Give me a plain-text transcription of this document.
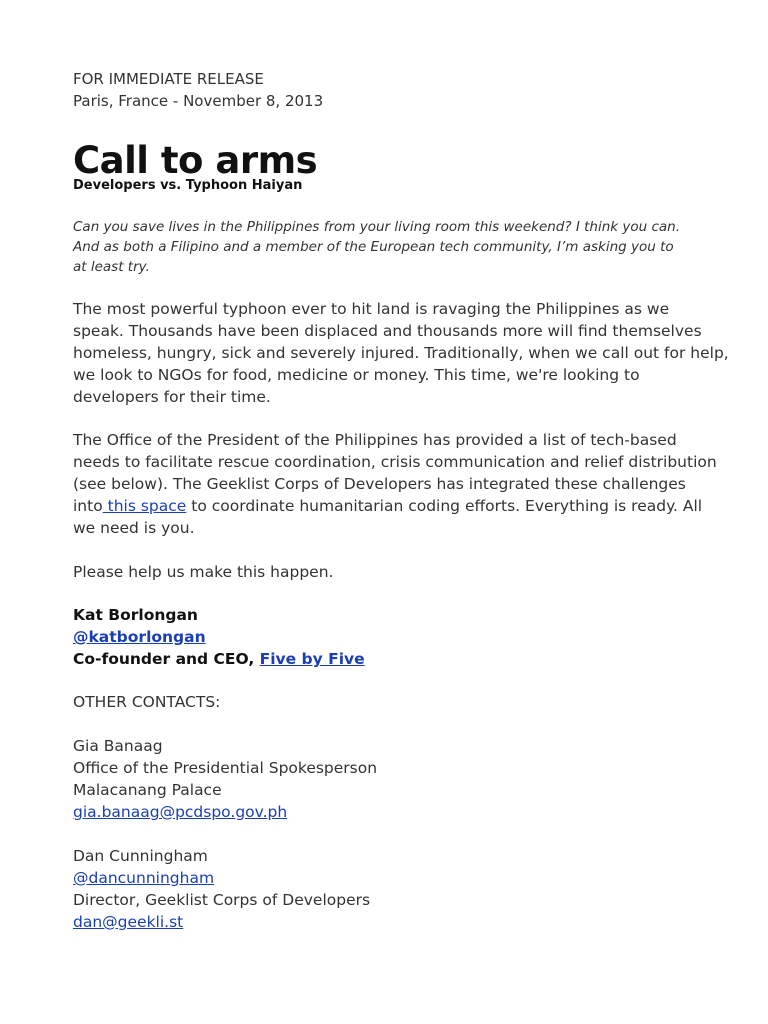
FOR IMMEDIATE RELEASE
Paris, France - November 8, 2013
Call to arms
Developers vs. Typhoon Haiyan
Can you save lives in the Philippines from your living room this weekend? I think you can.
And as both a Filipino and a member of the European tech community, I’m asking you to
at least try.
The most powerful typhoon ever to hit land is ravaging the Philippines as we
speak. Thousands have been displaced and thousands more will find themselves
homeless, hungry, sick and severely injured. Traditionally, when we call out for help,
we look to NGOs for food, medicine or money. This time, we're looking to
developers for their time.
The Office of the President of the Philippines has provided a list of tech-based
needs to facilitate rescue coordination, crisis communication and relief distribution
(see below). The Geeklist Corps of Developers has integrated these challenges
into this space to coordinate humanitarian coding efforts. Everything is ready. All
we need is you.
Please help us make this happen.
Kat Borlongan
@katborlongan
Co-founder and CEO, Five by Five
OTHER CONTACTS:
Gia Banaag
Office of the Presidential Spokesperson
Malacanang Palace
gia.banaag@pcdspo.gov.ph
Dan Cunningham
@dancunningham
Director, Geeklist Corps of Developers
dan@geekli.st
